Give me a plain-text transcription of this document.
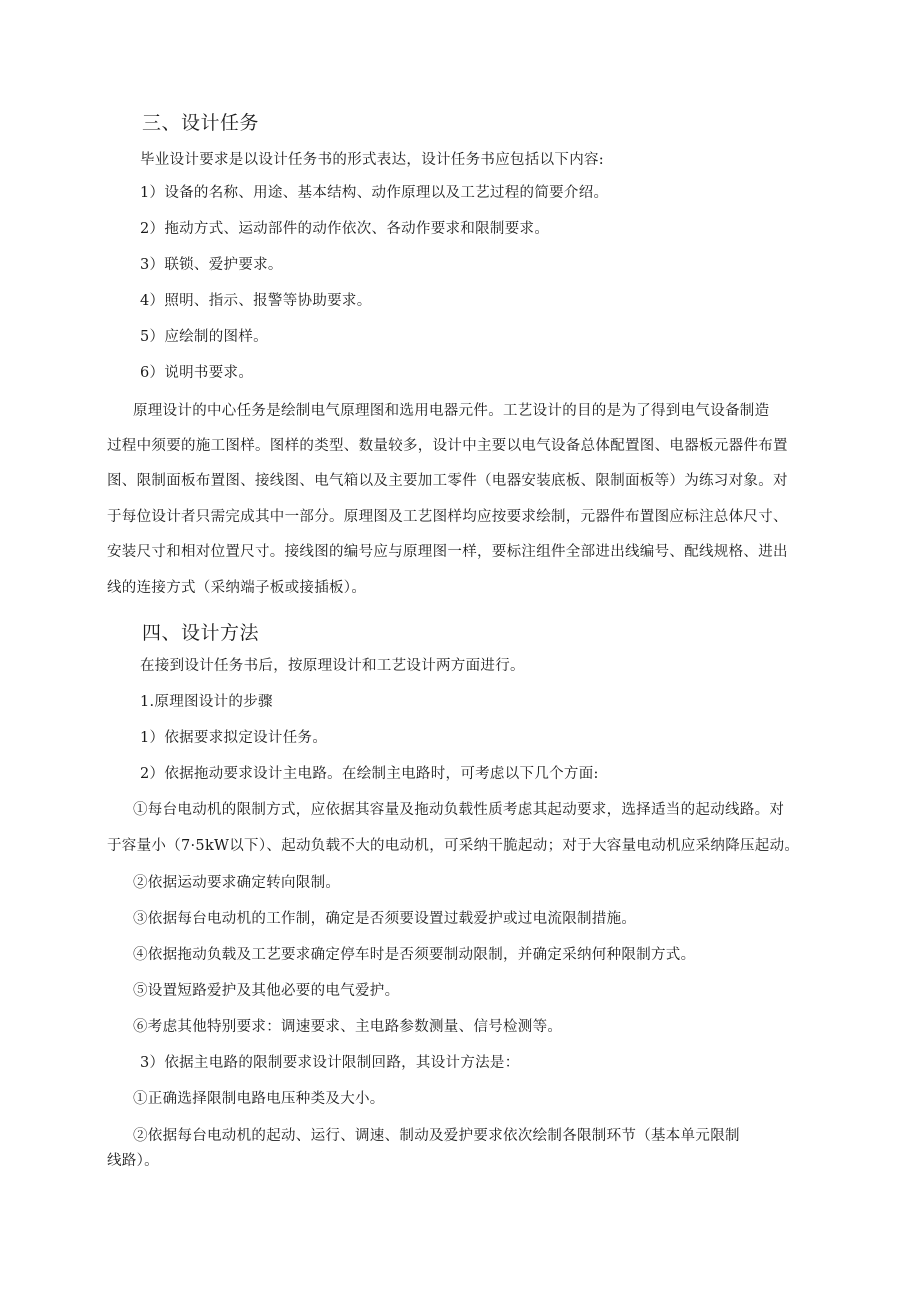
三、设计任务
毕业设计要求是以设计任务书的形式表达，设计任务书应包括以下内容:
1）设备的名称、用途、基本结构、动作原理以及工艺过程的简要介绍。
2）拖动方式、运动部件的动作依次、各动作要求和限制要求。
3）联锁、爱护要求。
4）照明、指示、报警等协助要求。
5）应绘制的图样。
6）说明书要求。
原理设计的中心任务是绘制电气原理图和选用电器元件。工艺设计的目的是为了得到电气设备制造
过程中须要的施工图样。图样的类型、数量较多，设计中主要以电气设备总体配置图、电器板元器件布置
图、限制面板布置图、接线图、电气箱以及主要加工零件（电器安装底板、限制面板等）为练习对象。对
于每位设计者只需完成其中一部分。原理图及工艺图样均应按要求绘制，元器件布置图应标注总体尺寸、
安装尺寸和相对位置尺寸。接线图的编号应与原理图一样，要标注组件全部进出线编号、配线规格、进出
线的连接方式（采纳端子板或接插板）。
四、设计方法
在接到设计任务书后，按原理设计和工艺设计两方面进行。
1.原理图设计的步骤
1）依据要求拟定设计任务。
2）依据拖动要求设计主电路。在绘制主电路时，可考虑以下几个方面:
①每台电动机的限制方式，应依据其容量及拖动负载性质考虑其起动要求，选择适当的起动线路。对
于容量小（7·5kW以下）、起动负载不大的电动机，可采纳干脆起动；对于大容量电动机应采纳降压起动。
②依据运动要求确定转向限制。
③依据每台电动机的工作制，确定是否须要设置过载爱护或过电流限制措施。
④依据拖动负载及工艺要求确定停车时是否须要制动限制，并确定采纳何种限制方式。
⑤设置短路爱护及其他必要的电气爱护。
⑥考虑其他特别要求：调速要求、主电路参数测量、信号检测等。
3）依据主电路的限制要求设计限制回路，其设计方法是：
①正确选择限制电路电压种类及大小。
②依据每台电动机的起动、运行、调速、制动及爱护要求依次绘制各限制环节（基本单元限制
线路）。
